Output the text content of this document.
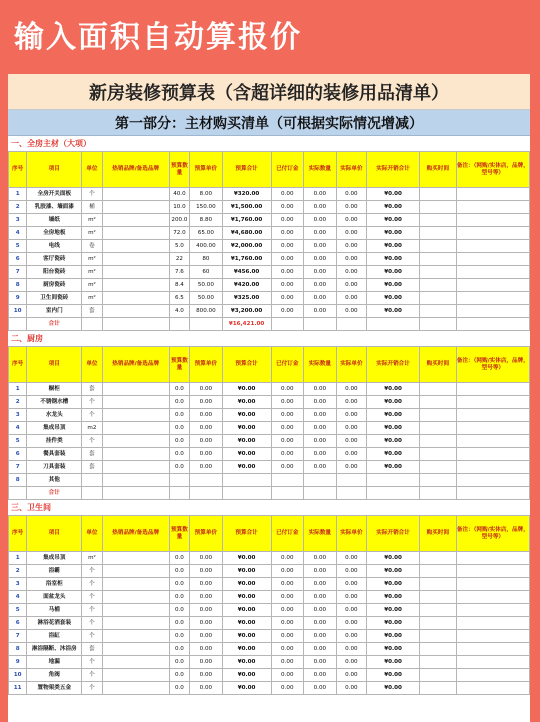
输入面积自动算报价
新房装修预算表（含超详细的装修用品清单）
第一部分：主材购买清单（可根据实际情况增减）
一、全房主材（大项）
序号	项目	单位	热销品牌/备选品牌	预算数量	预算单价	预算合计	已付订金	实际数量	实际单价	实际开销合计	购买时间	备注：（网购/实体店，品牌，型号等）
1	全房开关面板	个		40.0	8.00	¥320.00	0.00	0.00	0.00	¥0.00		
2	乳胶漆、墙面漆	桶		10.0	150.00	¥1,500.00	0.00	0.00	0.00	¥0.00		
3	墙纸	m²		200.0	8.80	¥1,760.00	0.00	0.00	0.00	¥0.00		
4	全房地板	m²		72.0	65.00	¥4,680.00	0.00	0.00	0.00	¥0.00		
5	电线	卷		5.0	400.00	¥2,000.00	0.00	0.00	0.00	¥0.00		
6	客厅瓷砖	m²		22	80	¥1,760.00	0.00	0.00	0.00	¥0.00		
7	阳台瓷砖	m²		7.6	60	¥456.00	0.00	0.00	0.00	¥0.00		
8	厨房瓷砖	m²		8.4	50.00	¥420.00	0.00	0.00	0.00	¥0.00		
9	卫生间瓷砖	m²		6.5	50.00	¥325.00	0.00	0.00	0.00	¥0.00		
10	室内门	套		4.0	800.00	¥3,200.00	0.00	0.00	0.00	¥0.00		
	合计					¥16,421.00						
二、厨房
序号	项目	单位	热销品牌/备选品牌	预算数量	预算单价	预算合计	已付订金	实际数量	实际单价	实际开销合计	购买时间	备注：（网购/实体店，品牌，型号等）
1	橱柜	套		0.0	0.00	¥0.00	0.00	0.00	0.00	¥0.00		
2	不锈钢水槽	个		0.0	0.00	¥0.00	0.00	0.00	0.00	¥0.00		
3	水龙头	个		0.0	0.00	¥0.00	0.00	0.00	0.00	¥0.00		
4	集成吊顶	m2		0.0	0.00	¥0.00	0.00	0.00	0.00	¥0.00		
5	挂件类	个		0.0	0.00	¥0.00	0.00	0.00	0.00	¥0.00		
6	餐具套装	套		0.0	0.00	¥0.00	0.00	0.00	0.00	¥0.00		
7	刀具套装	套		0.0	0.00	¥0.00	0.00	0.00	0.00	¥0.00		
8	其他											
	合计											
三、卫生间
序号	项目	单位	热销品牌/备选品牌	预算数量	预算单价	预算合计	已付订金	实际数量	实际单价	实际开销合计	购买时间	备注：（网购/实体店，品牌，型号等）
1	集成吊顶	m²		0.0	0.00	¥0.00	0.00	0.00	0.00	¥0.00		
2	浴霸	个		0.0	0.00	¥0.00	0.00	0.00	0.00	¥0.00		
3	浴室柜	个		0.0	0.00	¥0.00	0.00	0.00	0.00	¥0.00		
4	面盆龙头	个		0.0	0.00	¥0.00	0.00	0.00	0.00	¥0.00		
5	马桶	个		0.0	0.00	¥0.00	0.00	0.00	0.00	¥0.00		
6	淋浴花洒套装	个		0.0	0.00	¥0.00	0.00	0.00	0.00	¥0.00		
7	浴缸	个		0.0	0.00	¥0.00	0.00	0.00	0.00	¥0.00		
8	淋浴隔断、沐浴房	套		0.0	0.00	¥0.00	0.00	0.00	0.00	¥0.00		
9	地漏	个		0.0	0.00	¥0.00	0.00	0.00	0.00	¥0.00		
10	角阀	个		0.0	0.00	¥0.00	0.00	0.00	0.00	¥0.00		
11	置物架类五金	个		0.0	0.00	¥0.00	0.00	0.00	0.00	¥0.00		
